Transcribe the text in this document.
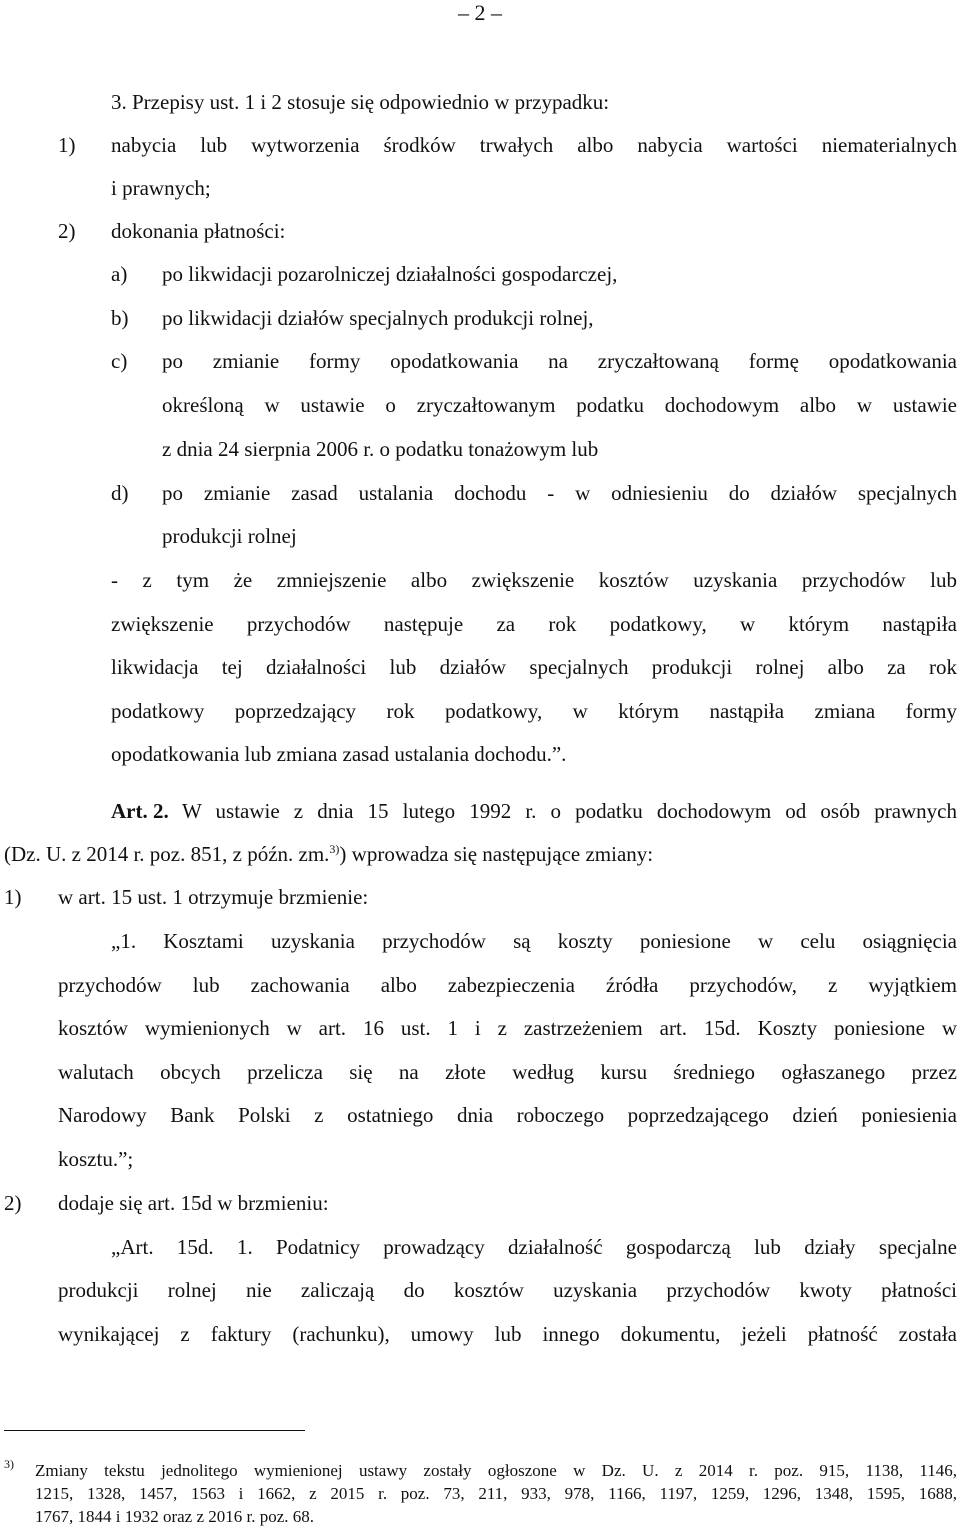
– 2 –
3. Przepisy ust. 1 i 2 stosuje się odpowiednio w przypadku:
1) nabycia lub wytworzenia środków trwałych albo nabycia wartości niematerialnych
i prawnych;
2) dokonania płatności:
a) po likwidacji pozarolniczej działalności gospodarczej,
b) po likwidacji działów specjalnych produkcji rolnej,
c) po zmianie formy opodatkowania na zryczałtowaną formę opodatkowania
określoną w ustawie o zryczałtowanym podatku dochodowym albo w ustawie
z dnia 24 sierpnia 2006 r. o podatku tonażowym lub
d) po zmianie zasad ustalania dochodu - w odniesieniu do działów specjalnych
produkcji rolnej
- z tym że zmniejszenie albo zwiększenie kosztów uzyskania przychodów lub
zwiększenie przychodów następuje za rok podatkowy, w którym nastąpiła
likwidacja tej działalności lub działów specjalnych produkcji rolnej albo za rok
podatkowy poprzedzający rok podatkowy, w którym nastąpiła zmiana formy
opodatkowania lub zmiana zasad ustalania dochodu.”.
Art. 2. W ustawie z dnia 15 lutego 1992 r. o podatku dochodowym od osób prawnych
(Dz. U. z 2014 r. poz. 851, z późn. zm.$^{3)}$) wprowadza się następujące zmiany:
1) w art. 15 ust. 1 otrzymuje brzmienie:
„1. Kosztami uzyskania przychodów są koszty poniesione w celu osiągnięcia
przychodów lub zachowania albo zabezpieczenia źródła przychodów, z wyjątkiem
kosztów wymienionych w art. 16 ust. 1 i z zastrzeżeniem art. 15d. Koszty poniesione w
walutach obcych przelicza się na złote według kursu średniego ogłaszanego przez
Narodowy Bank Polski z ostatniego dnia roboczego poprzedzającego dzień poniesienia
kosztu.”;
2) dodaje się art. 15d w brzmieniu:
„Art. 15d. 1. Podatnicy prowadzący działalność gospodarczą lub działy specjalne
produkcji rolnej nie zaliczają do kosztów uzyskania przychodów kwoty płatności
wynikającej z faktury (rachunku), umowy lub innego dokumentu, jeżeli płatność została
3) Zmiany tekstu jednolitego wymienionej ustawy zostały ogłoszone w Dz. U. z 2014 r. poz. 915, 1138, 1146,
1215, 1328, 1457, 1563 i 1662, z 2015 r. poz. 73, 211, 933, 978, 1166, 1197, 1259, 1296, 1348, 1595, 1688,
1767, 1844 i 1932 oraz z 2016 r. poz. 68.
